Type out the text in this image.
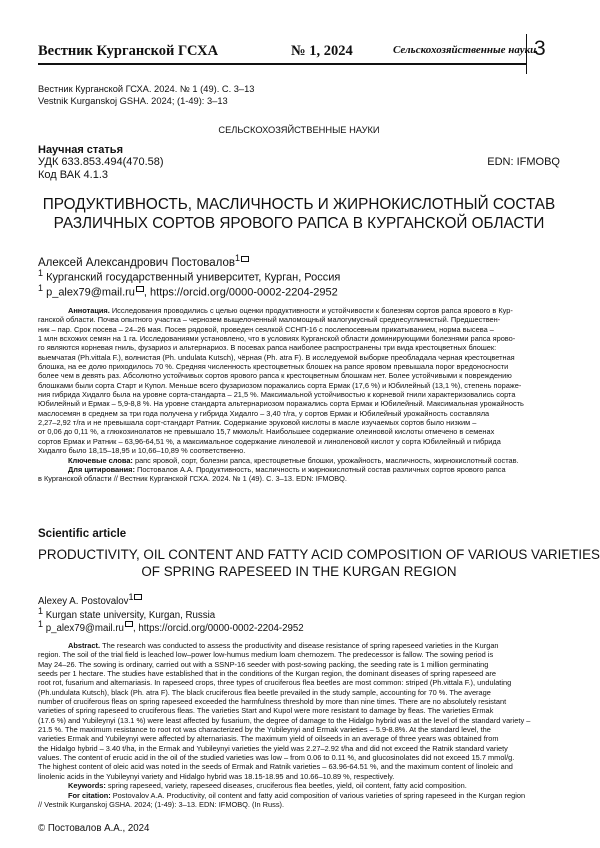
Вестник Курганской ГСХА	№ 1, 2024	Сельскохозяйственные науки
3
Вестник Курганской ГСХА. 2024. № 1 (49). С. 3–13
Vestnik Kurganskoj GSHA. 2024; (1-49): 3–13
СЕЛЬСКОХОЗЯЙСТВЕННЫЕ НАУКИ
Научная статья
УДК 633.853.494(470.58)	EDN: IFMOBQ
Код ВАК 4.1.3
ПРОДУКТИВНОСТЬ, МАСЛИЧНОСТЬ И ЖИРНОКИСЛОТНЫЙ СОСТАВ
РАЗЛИЧНЫХ СОРТОВ ЯРОВОГО РАПСА В КУРГАНСКОЙ ОБЛАСТИ
Алексей Александрович Постовалов1
1 Курганский государственный университет, Курган, Россия
1 p_alex79@mail.ru , https://orcid.org/0000-0002-2204-2952
Аннотация. Исследования проводились с целью оценки продуктивности и устойчивости к болезням сортов рапса ярового в Кур-
ганской области. Почва опытного участка – чернозем выщелоченный маломощный малогумусный среднесуглинистый. Предшествен-
ник – пар. Срок посева – 24–26 мая. Посев рядовой, проведен сеялкой ССНП-16 с послепосевным прикатыванием, норма высева –
1 млн всхожих семян на 1 га. Исследованиями установлено, что в условиях Курганской области доминирующими болезнями рапса ярово-
го являются корневая гниль, фузариоз и альтернариоз. В посевах рапса наиболее распространены три вида крестоцветных блошек:
выемчатая (Ph.vittala F.), волнистая (Ph. undulata Kutsch), чёрная (Ph. atra F). В исследуемой выборке преобладала черная крестоцветная
блошка, на ее долю приходилось 70 %. Средняя численность крестоцветных блошек на рапсе яровом превышала порог вредоносности
более чем в девять раз. Абсолютно устойчивых сортов ярового рапса к крестоцветным блошкам нет. Более устойчивыми к повреждению
блошками были сорта Старт и Купол. Меньше всего фузариозом поражались сорта Ермак (17,6 %) и Юбилейный (13,1 %), степень пораже-
ния гибрида Хидалго была на уровне сорта-стандарта – 21,5 %. Максимальной устойчивостью к корневой гнили характеризовались сорта
Юбилейный и Ермак – 5,9-8,8 %. На уровне стандарта альтернариозом поражались сорта Ермак и Юбилейный. Максимальная урожайность
маслосемян в среднем за три года получена у гибрида Хидалго – 3,40 т/га, у сортов Ермак и Юбилейный урожайность составляла
2,27–2,92 т/га и не превышала сорт-стандарт Ратник. Содержание эруковой кислоты в масле изучаемых сортов было низким –
от 0,06 до 0,11 %, а глюкозинолатов не превышало 15,7 мкмоль/г. Наибольшее содержание олеиновой кислоты отмечено в семенах
сортов Ермак и Ратник – 63,96-64,51 %, а максимальное содержание линолевой и линоленовой кислот у сорта Юбилейный и гибрида
Хидалго было 18,15–18,95 и 10,66–10,89 % соответственно.
Ключевые слова: рапс яровой, сорт, болезни рапса, крестоцветные блошки, урожайность, масличность, жирнокислотный состав.
Для цитирования: Постовалов А.А. Продуктивность, масличность и жирнокислотный состав различных сортов ярового рапса
в Курганской области // Вестник Курганской ГСХА. 2024. № 1 (49). С. 3–13. EDN: IFMOBQ.
Scientific article
PRODUCTIVITY, OIL CONTENT AND FATTY ACID COMPOSITION OF VARIOUS VARIETIES
OF SPRING RAPESEED IN THE KURGAN REGION
Alexey A. Postovalov1
1 Kurgan state university, Kurgan, Russia
1 p_alex79@mail.ru , https://orcid.org/0000-0002-2204-2952
Abstract. The research was conducted to assess the productivity and disease resistance of spring rapeseed varieties in the Kurgan
region. The soil of the trial field is leached low–power low-humus medium loam chernozem. The predecessor is fallow. The sowing period is
May 24–26. The sowing is ordinary, carried out with a SSNP-16 seeder with post-sowing packing, the seeding rate is 1 million germinating
seeds per 1 hectare. The studies have established that in the conditions of the Kurgan region, the dominant diseases of spring rapeseed are
root rot, fusarium and alternariasis. In rapeseed crops, three types of cruciferous flea beetles are most common: striped (Ph.vittala F.), undulating
(Ph.undulata Kutsch), black (Ph. atra F). The black cruciferous flea beetle prevailed in the study sample, accounting for 70 %. The average
number of cruciferous fleas on spring rapeseed exceeded the harmfulness threshold by more than nine times. There are no absolutely resistant
varieties of spring rapeseed to cruciferous fleas. The varieties Start and Kupol were more resistant to damage by fleas. The varieties Ermak
(17.6 %) and Yubileynyi (13.1 %) were least affected by fusarium, the degree of damage to the Hidalgo hybrid was at the level of the standard variety –
21.5 %. The maximum resistance to root rot was characterized by the Yubileynyi and Ermak varieties – 5.9-8.8%. At the standard level, the
varieties Ermak and Yubileynyi were affected by alternariasis. The maximum yield of oilseeds in an average of three years was obtained from
the Hidalgo hybrid – 3.40 t/ha, in the Ermak and Yubileynyi varieties the yield was 2.27–2.92 t/ha and did not exceed the Ratnik standard variety
values. The content of erucic acid in the oil of the studied varieties was low – from 0.06 to 0.11 %, and glucosinolates did not exceed 15.7 mmol/g.
The highest content of oleic acid was noted in the seeds of Ermak and Ratnik varieties – 63.96-64.51 %, and the maximum content of linoleic and
linolenic acids in the Yubileynyi variety and Hidalgo hybrid was 18.15-18.95 and 10.66–10.89 %, respectively.
Keywords: spring rapeseed, variety, rapeseed diseases, cruciferous flea beetles, yield, oil content, fatty acid composition.
For citation: Postovalov A.A. Productivity, oil content and fatty acid composition of various varieties of spring rapeseed in the Kurgan region
// Vestnik Kurganskoj GSHA. 2024; (1-49): 3–13. EDN: IFMOBQ. (In Russ).
© Постовалов А.А., 2024
